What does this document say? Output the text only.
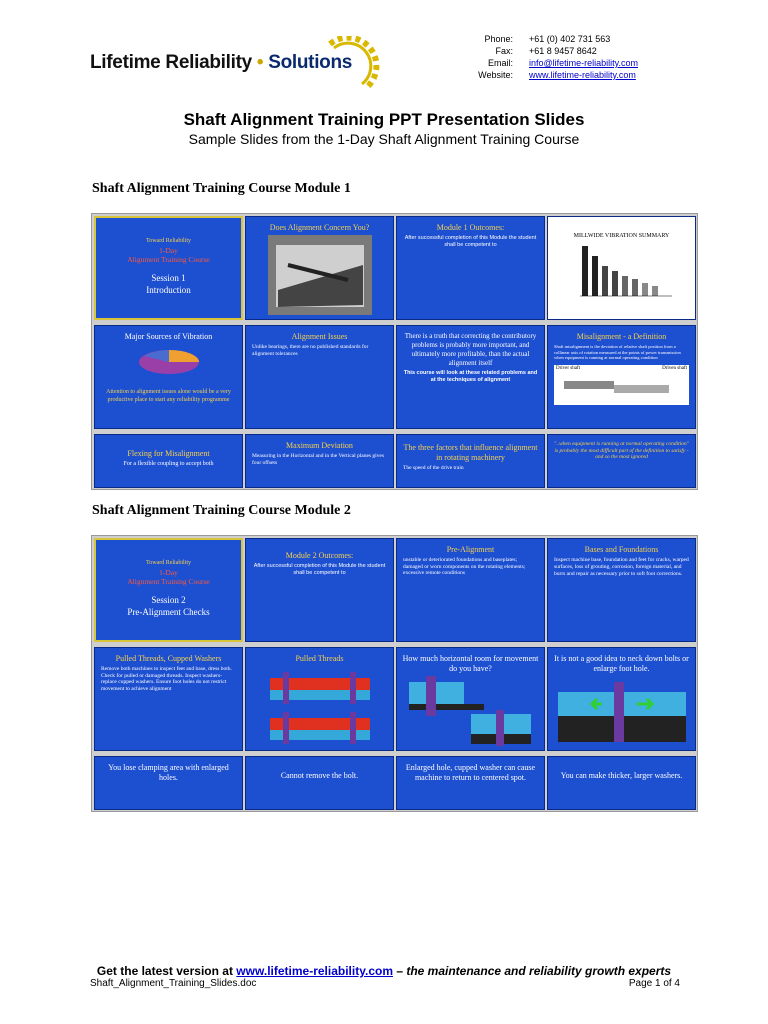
Lifetime Reliability • Solutions
Phone:	+61 (0) 402 731 563
Fax:	+61 8 9457 8642
Email:	info@lifetime-reliability.com
Website:	www.lifetime-reliability.com
Shaft Alignment Training PPT Presentation Slides
Sample Slides from the 1-Day Shaft Alignment Training Course
Shaft Alignment Training Course Module 1
Toward Reliability
1-Day
Alignment Training Course
Session 1
Introduction
Does Alignment Concern You?	Module 1 Outcomes:
After successful completion of this Module the student shall be competent to
MILLWIDE VIBRATION SUMMARY
Major Sources of Vibration
Attention to alignment issues alone would be a very productive place to start any reliability programme
Alignment Issues
Unlike bearings, there are no published standards for alignment tolerances
There is a truth that correcting the contributory problems is probably more important, and ultimately more profitable, than the actual alignment itself
This course will look at these related problems and at the techniques of alignment
Misalignment - a Definition
Shaft misalignment is the deviation of relative shaft position from a collinear axis of rotation measured at the points of power transmission when equipment is running at normal operating condition
Driver shaft	Driven shaft
Flexing for Misalignment
For a flexible coupling to accept both
Maximum Deviation
Measuring in the Horizontal and in the Vertical planes gives four offsets
The three factors that influence alignment in rotating machinery
The speed of the drive train
"..when equipment is running at normal operating condition" is probably the most difficult part of the definition to satisfy - and so the most ignored
Shaft Alignment Training Course Module 2
Toward Reliability
1-Day
Alignment Training Course
Session 2
Pre-Alignment Checks
Module 2 Outcomes:
After successful completion of this Module the student shall be competent to
Pre-Alignment
unstable or deteriorated foundations and baseplates; damaged or worn components on the rotating elements; excessive remote conditions
Bases and Foundations
Inspect machine base, foundation and feet for cracks, warped surfaces, loss of grouting, corrosion, foreign material, and burrs and repair as necessary prior to soft foot corrections.
Pulled Threads, Cupped Washers
Remove both machines to inspect feet and base, dress both. Check for pulled or damaged threads. Inspect washers-replace cupped washers. Ensure foot holes do not restrict movement to achieve alignment
Pulled Threads	How much horizontal room for movement do you have?
It is not a good idea to neck down bolts or enlarge foot hole.
You lose clamping area with enlarged holes.	Cannot remove the bolt.
Enlarged hole, cupped washer can cause machine to return to centered spot.	You can make thicker, larger washers.
Get the latest version at www.lifetime-reliability.com – the maintenance and reliability growth experts
Shaft_Alignment_Training_Slides.doc	Page 1 of 4
